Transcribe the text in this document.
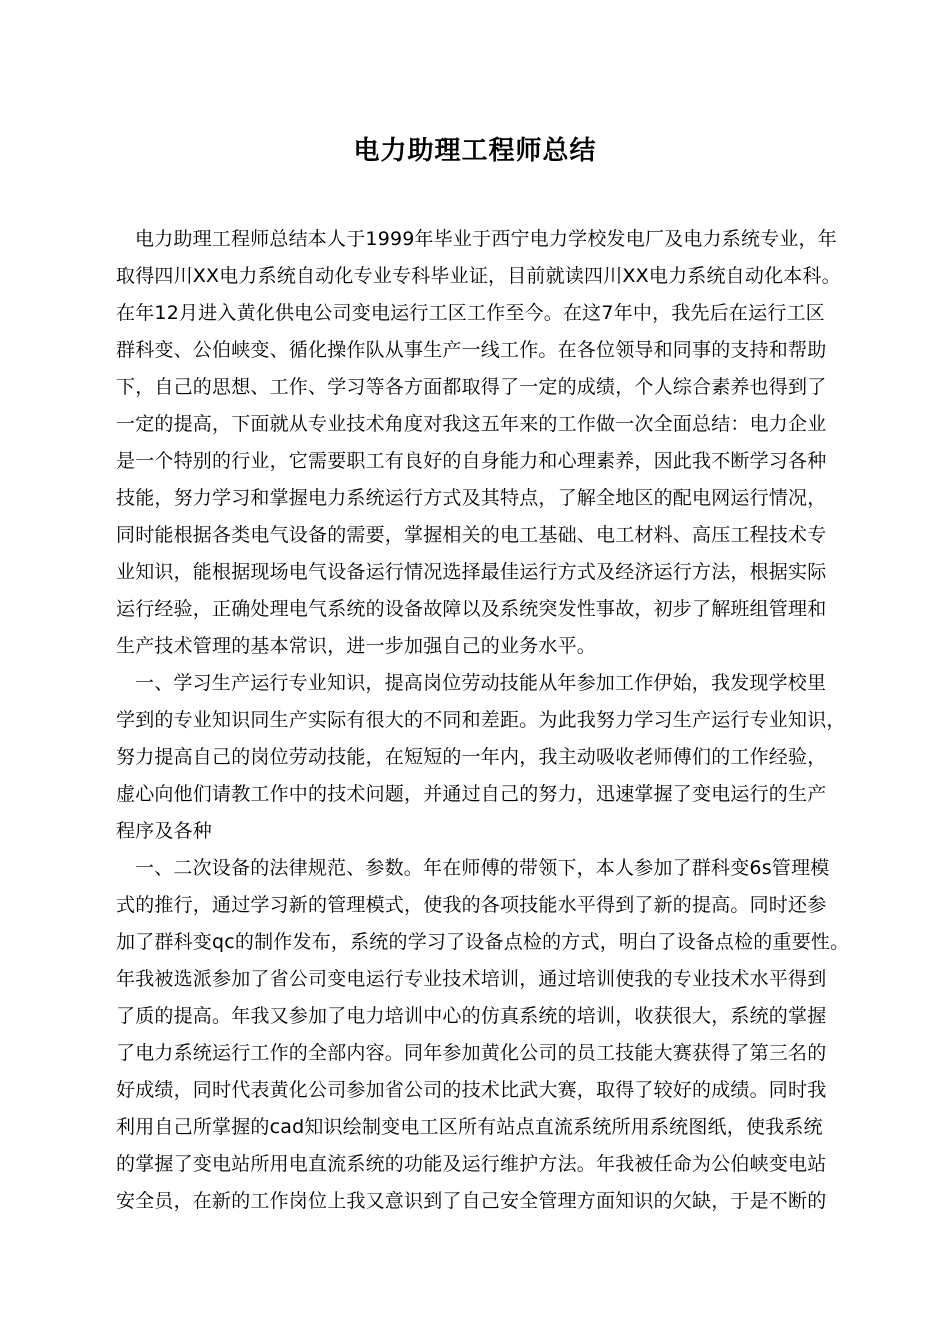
电力助理工程师总结
电力助理工程师总结本人于1999年毕业于西宁电力学校发电厂及电力系统专业，年
取得四川XX电力系统自动化专业专科毕业证，目前就读四川XX电力系统自动化本科。
在年12月进入黄化供电公司变电运行工区工作至今。在这7年中，我先后在运行工区
群科变、公伯峡变、循化操作队从事生产一线工作。在各位领导和同事的支持和帮助
下，自己的思想、工作、学习等各方面都取得了一定的成绩，个人综合素养也得到了
一定的提高，下面就从专业技术角度对我这五年来的工作做一次全面总结：电力企业
是一个特别的行业，它需要职工有良好的自身能力和心理素养，因此我不断学习各种
技能，努力学习和掌握电力系统运行方式及其特点，了解全地区的配电网运行情况，
同时能根据各类电气设备的需要，掌握相关的电工基础、电工材料、高压工程技术专
业知识，能根据现场电气设备运行情况选择最佳运行方式及经济运行方法，根据实际
运行经验，正确处理电气系统的设备故障以及系统突发性事故，初步了解班组管理和
生产技术管理的基本常识，进一步加强自己的业务水平。
一、学习生产运行专业知识，提高岗位劳动技能从年参加工作伊始，我发现学校里
学到的专业知识同生产实际有很大的不同和差距。为此我努力学习生产运行专业知识，
努力提高自己的岗位劳动技能，在短短的一年内，我主动吸收老师傅们的工作经验，
虚心向他们请教工作中的技术问题，并通过自己的努力，迅速掌握了变电运行的生产
程序及各种
一、二次设备的法律规范、参数。年在师傅的带领下，本人参加了群科变6s管理模
式的推行，通过学习新的管理模式，使我的各项技能水平得到了新的提高。同时还参
加了群科变qc的制作发布，系统的学习了设备点检的方式，明白了设备点检的重要性。
年我被选派参加了省公司变电运行专业技术培训，通过培训使我的专业技术水平得到
了质的提高。年我又参加了电力培训中心的仿真系统的培训，收获很大，系统的掌握
了电力系统运行工作的全部内容。同年参加黄化公司的员工技能大赛获得了第三名的
好成绩，同时代表黄化公司参加省公司的技术比武大赛，取得了较好的成绩。同时我
利用自己所掌握的cad知识绘制变电工区所有站点直流系统所用系统图纸，使我系统
的掌握了变电站所用电直流系统的功能及运行维护方法。年我被任命为公伯峡变电站
安全员，在新的工作岗位上我又意识到了自己安全管理方面知识的欠缺，于是不断的
